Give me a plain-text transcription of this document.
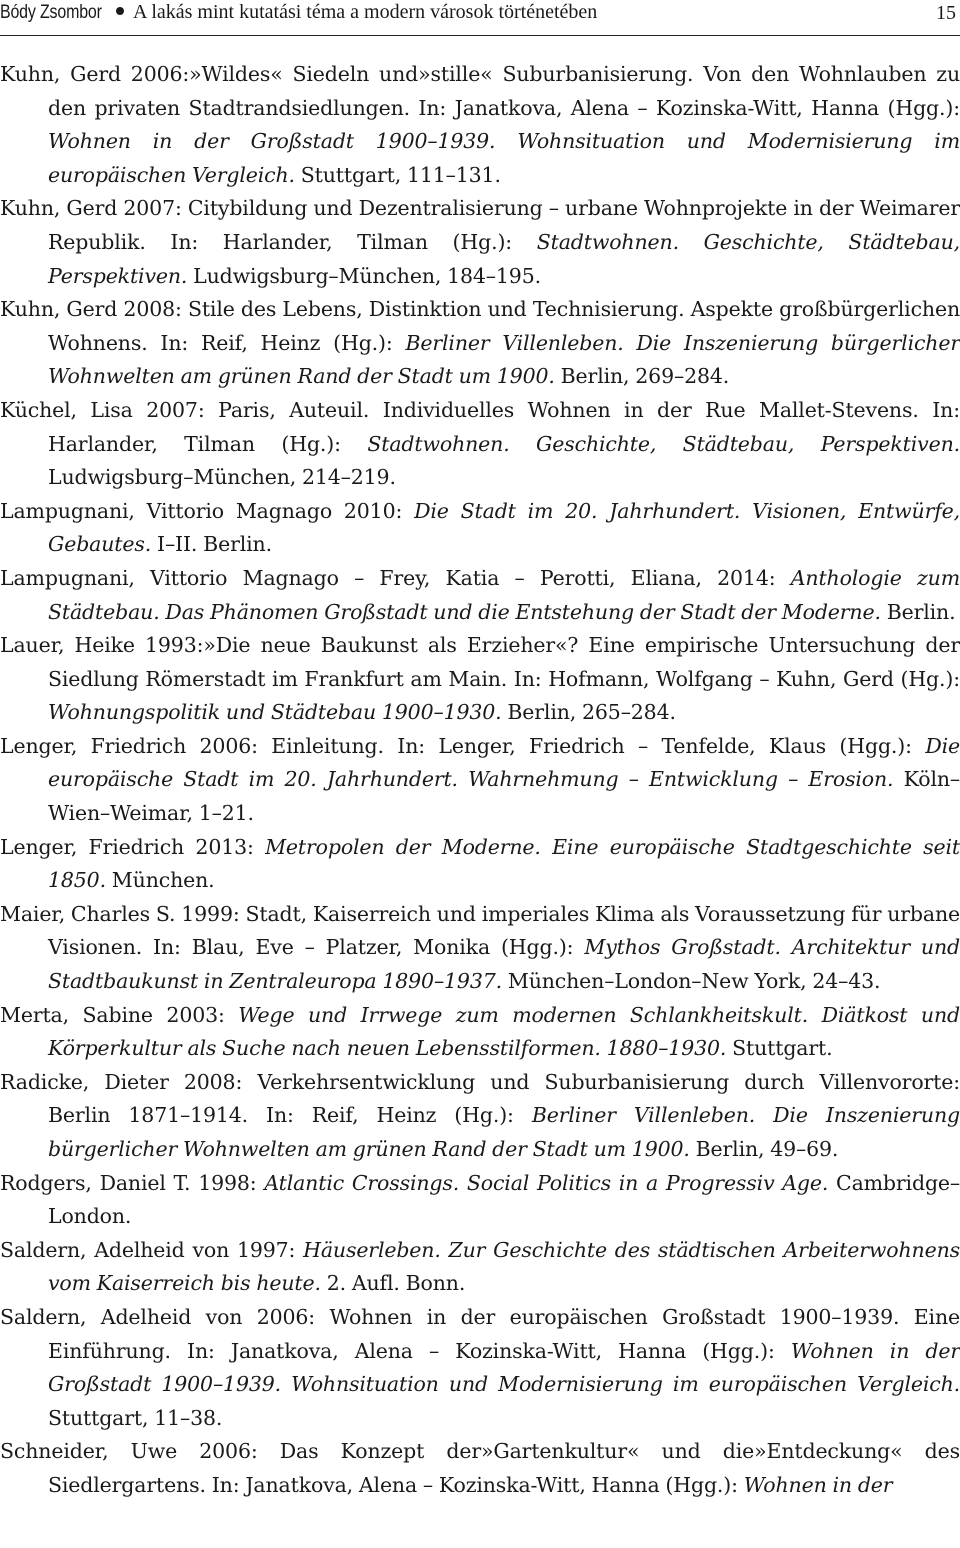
Bódy Zsombor	A lakás mint kutatási téma a modern városok történetében	15

Kuhn, Gerd 2006:»Wildes« Siedeln und»stille« Suburbanisierung. Von den Wohnlauben zu den privaten Stadtrandsiedlungen. In: Janatkova, Alena – Kozinska-Witt, Hanna (Hgg.): Wohnen in der Großstadt 1900–1939. Wohnsituation und Modernisierung im europäischen Vergleich. Stuttgart, 111–131.

Kuhn, Gerd 2007: Citybildung und Dezentralisierung – urbane Wohnprojekte in der Weimarer Republik. In: Harlander, Tilman (Hg.): Stadtwohnen. Geschichte, Städtebau, Perspektiven. Ludwigsburg–München, 184–195.

Kuhn, Gerd 2008: Stile des Lebens, Distinktion und Technisierung. Aspekte großbürgerlichen Wohnens. In: Reif, Heinz (Hg.): Berliner Villenleben. Die Inszenierung bürgerlicher Wohnwelten am grünen Rand der Stadt um 1900. Berlin, 269–284.

Küchel, Lisa 2007: Paris, Auteuil. Individuelles Wohnen in der Rue Mallet-Stevens. In: Harlander, Tilman (Hg.): Stadtwohnen. Geschichte, Städtebau, Perspektiven. Ludwigsburg–München, 214–219.

Lampugnani, Vittorio Magnago 2010: Die Stadt im 20. Jahrhundert. Visionen, Entwürfe, Gebautes. I–II. Berlin.

Lampugnani, Vittorio Magnago – Frey, Katia – Perotti, Eliana, 2014: Anthologie zum Städtebau. Das Phänomen Großstadt und die Entstehung der Stadt der Moderne. Berlin.

Lauer, Heike 1993:»Die neue Baukunst als Erzieher«? Eine empirische Untersuchung der Siedlung Römerstadt im Frankfurt am Main. In: Hofmann, Wolfgang – Kuhn, Gerd (Hg.): Wohnungspolitik und Städtebau 1900–1930. Berlin, 265–284.

Lenger, Friedrich 2006: Einleitung. In: Lenger, Friedrich – Tenfelde, Klaus (Hgg.): Die europäische Stadt im 20. Jahrhundert. Wahrnehmung – Entwicklung – Erosion. Köln–Wien–Weimar, 1–21.

Lenger, Friedrich 2013: Metropolen der Moderne. Eine europäische Stadtgeschichte seit 1850. München.

Maier, Charles S. 1999: Stadt, Kaiserreich und imperiales Klima als Voraussetzung für urbane Visionen. In: Blau, Eve – Platzer, Monika (Hgg.): Mythos Großstadt. Architektur und Stadtbaukunst in Zentraleuropa 1890–1937. München–London–New York, 24–43.

Merta, Sabine 2003: Wege und Irrwege zum modernen Schlankheitskult. Diätkost und Körperkultur als Suche nach neuen Lebensstilformen. 1880–1930. Stuttgart.

Radicke, Dieter 2008: Verkehrsentwicklung und Suburbanisierung durch Villenvororte: Berlin 1871–1914. In: Reif, Heinz (Hg.): Berliner Villenleben. Die Inszenierung bürgerlicher Wohnwelten am grünen Rand der Stadt um 1900. Berlin, 49–69.

Rodgers, Daniel T. 1998: Atlantic Crossings. Social Politics in a Progressiv Age. Cambridge–London.

Saldern, Adelheid von 1997: Häuserleben. Zur Geschichte des städtischen Arbeiterwohnens vom Kaiserreich bis heute. 2. Aufl. Bonn.

Saldern, Adelheid von 2006: Wohnen in der europäischen Großstadt 1900–1939. Eine Einführung. In: Janatkova, Alena – Kozinska-Witt, Hanna (Hgg.): Wohnen in der Großstadt 1900–1939. Wohnsituation und Modernisierung im europäischen Vergleich. Stuttgart, 11–38.

Schneider, Uwe 2006: Das Konzept der»Gartenkultur« und die»Entdeckung« des Siedlergartens. In: Janatkova, Alena – Kozinska-Witt, Hanna (Hgg.): Wohnen in der
